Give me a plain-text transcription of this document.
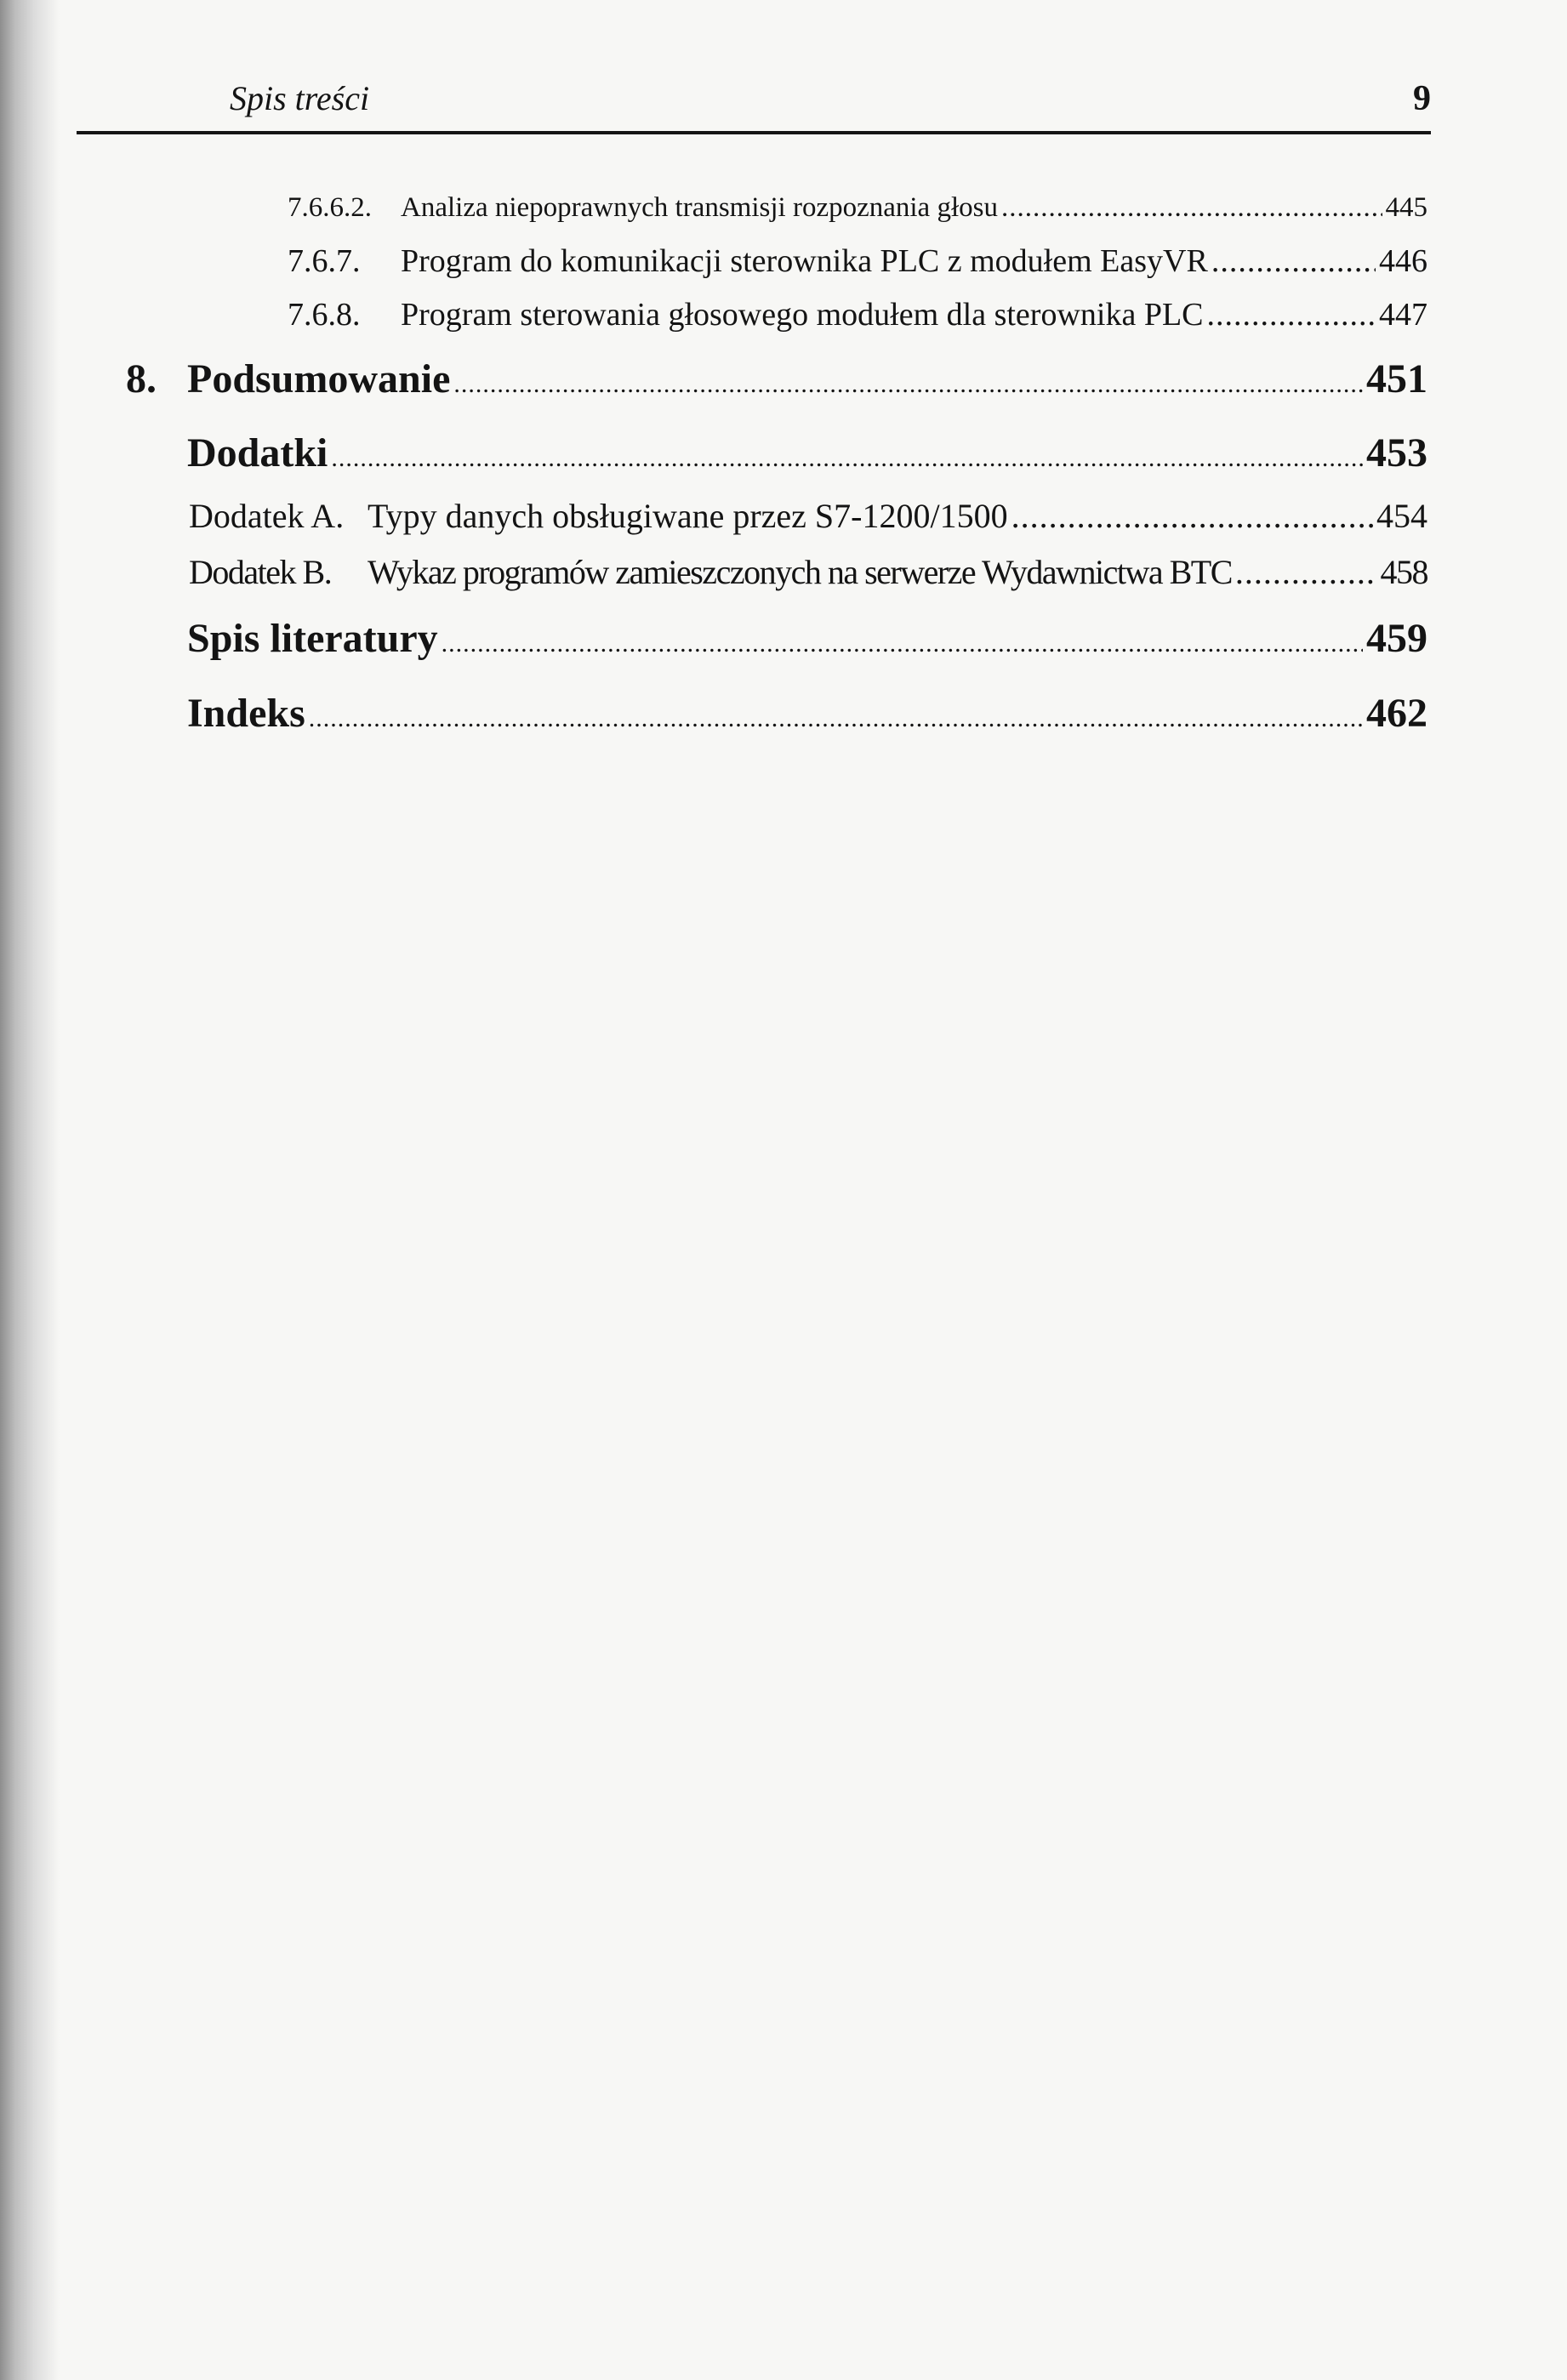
Spis treści	9
7.6.6.2.	Analiza niepoprawnych transmisji rozpoznania głosu .....	445
7.6.7.	Program do komunikacji sterownika PLC z modułem EasyVR .....	446
7.6.8.	Program sterowania głosowego modułem dla sterownika PLC .....	447
8. Podsumowanie .....	451
Dodatki .....	453
Dodatek A. Typy danych obsługiwane przez S7-1200/1500 .....	454
Dodatek B.	Wykaz programów zamieszczonych na serwerze Wydawnictwa BTC .....	458
Spis literatury .....	459
Indeks .....	462
